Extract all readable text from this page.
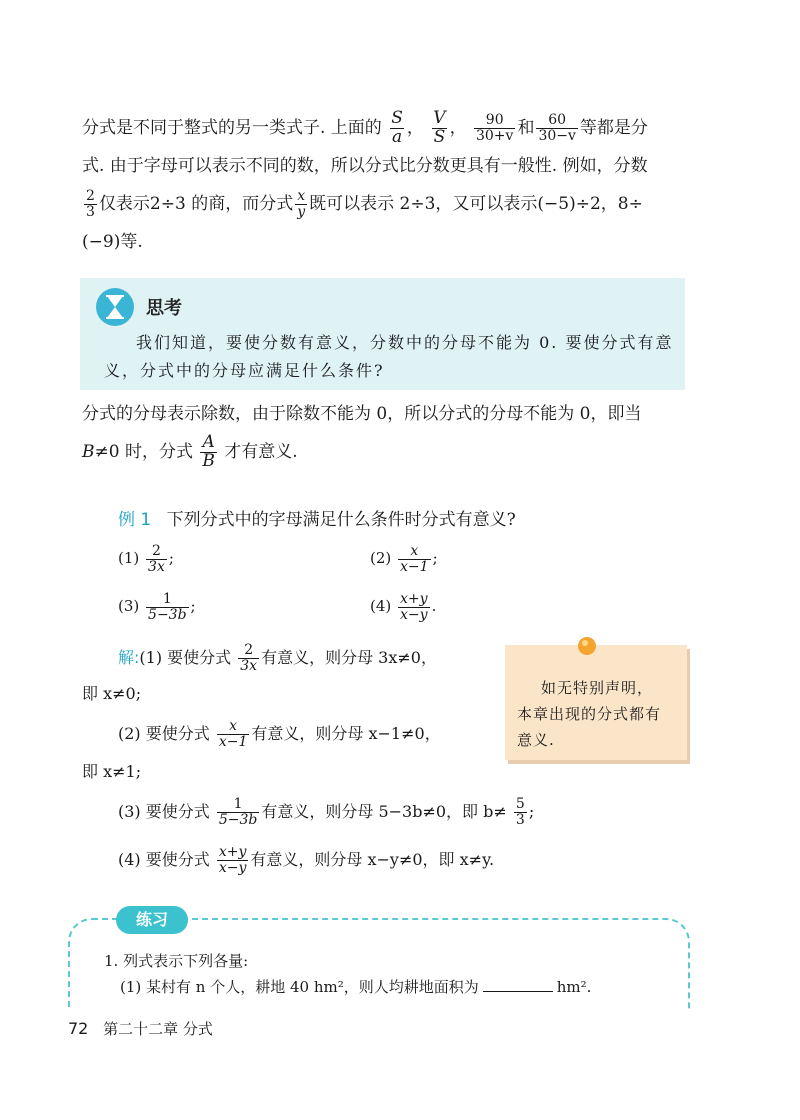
分式是不同于整式的另一类式子. 上面的 $\frac{S}{a}$ ， $\frac{V}{S}$ ， $\frac{90}{30+v}$ 和 $\frac{60}{30-v}$ 等都是分
式. 由于字母可以表示不同的数，所以分式比分数更具有一般性. 例如，分数
$\frac{2}{3}$ 仅表示2÷3 的商，而分式 $\frac{x}{y}$ 既可以表示 2÷3，又可以表示(−5)÷2，8÷
(−9)等.
思考
我们知道，要使分数有意义，分数中的分母不能为 0. 要使分式有意
义，分式中的分母应满足什么条件?
分式的分母表示除数，由于除数不能为 0，所以分式的分母不能为 0，即当
B≠0 时，分式 $\frac{A}{B}$ 才有意义.
例 1 下列分式中的字母满足什么条件时分式有意义?
$(1) \frac{2}{3x}$ ;	$(2) \frac{x}{x-1}$ ;
$(3) \frac{1}{5-3b}$ ;	$(4) \frac{x+y}{x-y}$ .
解:(1) 要使分式 $\frac{2}{3x}$ 有意义，则分母 3x≠0，
即 x≠0;
(2) 要使分式 $\frac{x}{x-1}$ 有意义，则分母 x−1≠0，
即 x≠1;
(3) 要使分式 $\frac{1}{5-3b}$ 有意义，则分母 5−3b≠0，即 $b\ne \frac{5}{3}$ ;
(4) 要使分式 $\frac{x+y}{x-y}$ 有意义，则分母 x−y≠0，即 x≠y.
如无特别声明，
本章出现的分式都有
意义.
练习
1. 列式表示下列各量:
(1) 某村有 n 个人，耕地 40 hm²，则人均耕地面积为	hm².
72 第二十二章 分式
